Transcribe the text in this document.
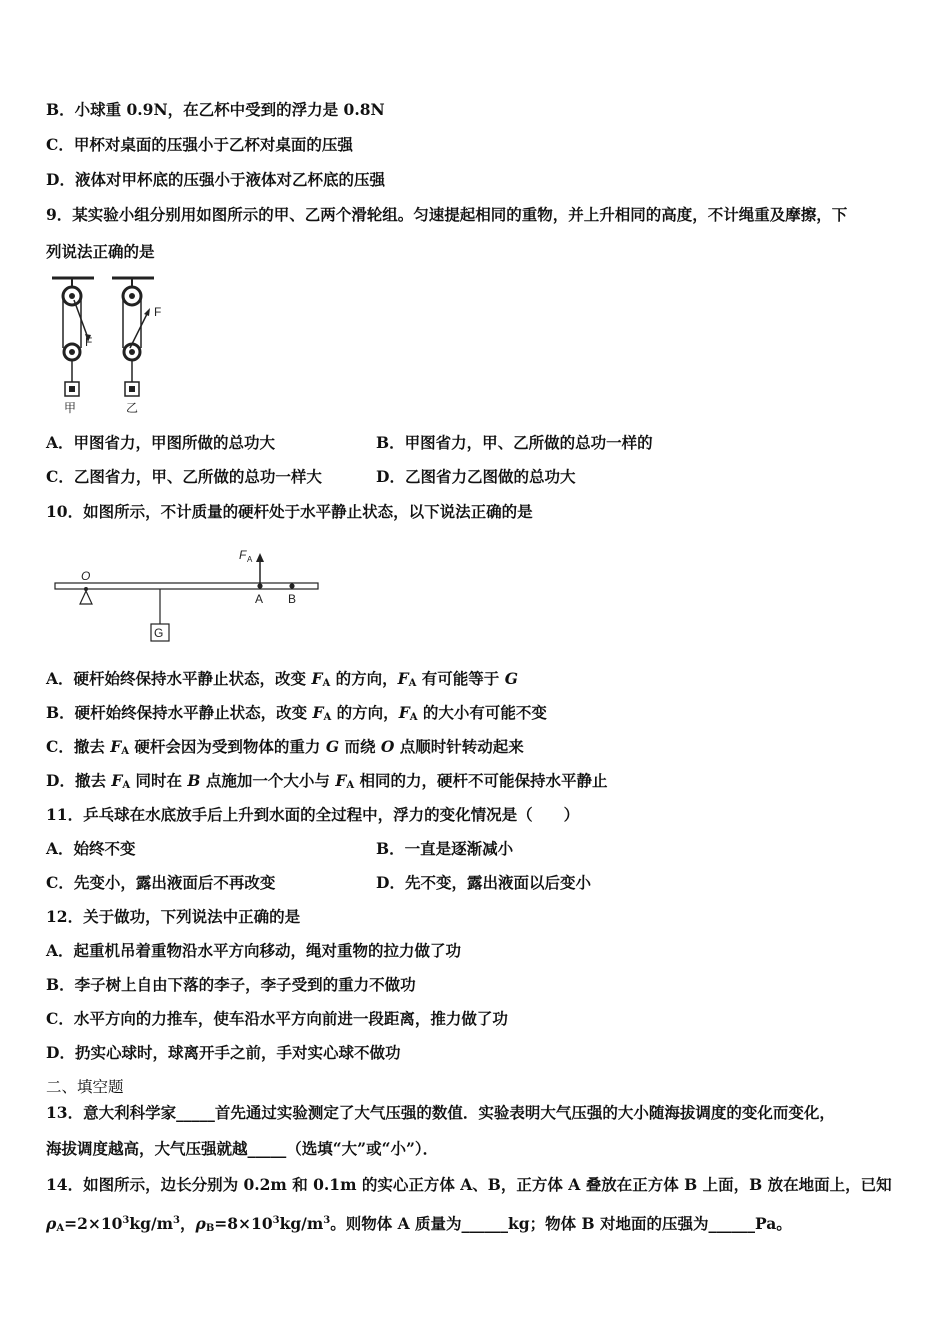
B．小球重 0.9N，在乙杯中受到的浮力是 0.8N
C．甲杯对桌面的压强小于乙杯对桌面的压强
D．液体对甲杯底的压强小于液体对乙杯底的压强
9．某实验小组分别用如图所示的甲、乙两个滑轮组。匀速提起相同的重物，并上升相同的高度，不计绳重及摩擦，下
列说法正确的是
F
甲
F
乙
A．甲图省力，甲图所做的总功大	B．甲图省力，甲、乙所做的总功一样的
C．乙图省力，甲、乙所做的总功一样大	D．乙图省力乙图做的总功大
10．如图所示，不计质量的硬杆处于水平静止状态，以下说法正确的是
O
G
F A
A B
A．硬杆始终保持水平静止状态，改变 $F_A$ 的方向，$F_A$ 有可能等于 G
B．硬杆始终保持水平静止状态，改变 $F_A$ 的方向，$F_A$ 的大小有可能不变
C．撤去 $F_A$ 硬杆会因为受到物体的重力 G 而绕 O 点顺时针转动起来
D．撤去 $F_A$ 同时在 B 点施加一个大小与 $F_A$ 相同的力，硬杆不可能保持水平静止
11．乒乓球在水底放手后上升到水面的全过程中，浮力的变化情况是（　　）
A．始终不变	B．一直是逐渐减小
C．先变小，露出液面后不再改变	D．先不变，露出液面以后变小
12．关于做功，下列说法中正确的是
A．起重机吊着重物沿水平方向移动，绳对重物的拉力做了功
B．李子树上自由下落的李子，李子受到的重力不做功
C．水平方向的力推车，使车沿水平方向前进一段距离，推力做了功
D．扔实心球时，球离开手之前，手对实心球不做功
二、填空题
13．意大利科学家_____首先通过实验测定了大气压强的数值．实验表明大气压强的大小随海拔调度的变化而变化，
海拔调度越高，大气压强就越_____（选填“大”或“小”）．
14．如图所示，边长分别为 0.2m 和 0.1m 的实心正方体 A、B，正方体 A 叠放在正方体 B 上面，B 放在地面上，已知
$\rho_A=2\times 10^3kg/m^3$，$\rho_B=8\times 10^3kg/m^3$。则物体 A 质量为______kg；物体 B 对地面的压强为______Pa。
